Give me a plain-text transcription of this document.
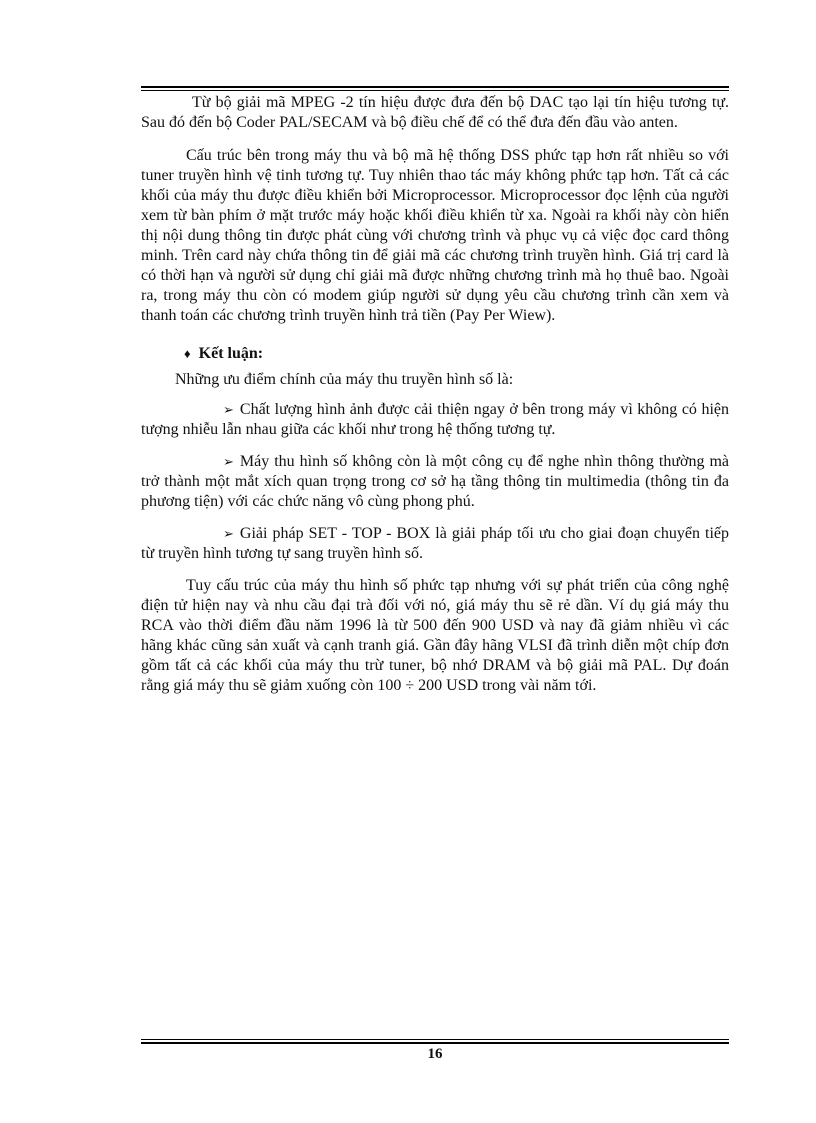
Từ bộ giải mã MPEG -2 tín hiệu được đưa đến bộ DAC tạo lại tín hiệu tương tự. Sau đó đến bộ Coder PAL/SECAM và bộ điều chế để có thể đưa đến đầu vào anten.

Cấu trúc bên trong máy thu và bộ mã hệ thống DSS phức tạp hơn rất nhiều so với tuner truyền hình vệ tinh tương tự. Tuy nhiên thao tác máy không phức tạp hơn. Tất cả các khối của máy thu được điều khiển bởi Microprocessor. Microprocessor đọc lệnh của người xem từ bàn phím ở mặt trước máy hoặc khối điều khiển từ xa. Ngoài ra khối này còn hiển thị nội dung thông tin được phát cùng với chương trình và phục vụ cả việc đọc card thông minh. Trên card này chứa thông tin để giải mã các chương trình truyền hình. Giá trị card là có thời hạn và người sử dụng chỉ giải mã được những chương trình mà họ thuê bao. Ngoài ra, trong máy thu còn có modem giúp người sử dụng yêu cầu chương trình cần xem và thanh toán các chương trình truyền hình trả tiền (Pay Per Wiew).

♦ Kết luận:

Những ưu điểm chính của máy thu truyền hình số là:

➢ Chất lượng hình ảnh được cải thiện ngay ở bên trong máy vì không có hiện tượng nhiễu lẫn nhau giữa các khối như trong hệ thống tương tự.

➢ Máy thu hình số không còn là một công cụ để nghe nhìn thông thường mà trở thành một mắt xích quan trọng trong cơ sở hạ tầng thông tin multimedia (thông tin đa phương tiện) với các chức năng vô cùng phong phú.

➢ Giải pháp SET - TOP - BOX là giải pháp tối ưu cho giai đoạn chuyển tiếp từ truyền hình tương tự sang truyền hình số.

Tuy cấu trúc của máy thu hình số phức tạp nhưng với sự phát triển của công nghệ điện tử hiện nay và nhu cầu đại trà đối với nó, giá máy thu sẽ rẻ dần. Ví dụ giá máy thu RCA vào thời điểm đầu năm 1996 là từ 500 đến 900 USD và nay đã giảm nhiều vì các hãng khác cũng sản xuất và cạnh tranh giá. Gần đây hãng VLSI đã trình diễn một chíp đơn gồm tất cả các khối của máy thu trừ tuner, bộ nhớ DRAM và bộ giải mã PAL. Dự đoán rằng giá máy thu sẽ giảm xuống còn 100 ÷ 200 USD trong vài năm tới.

16
